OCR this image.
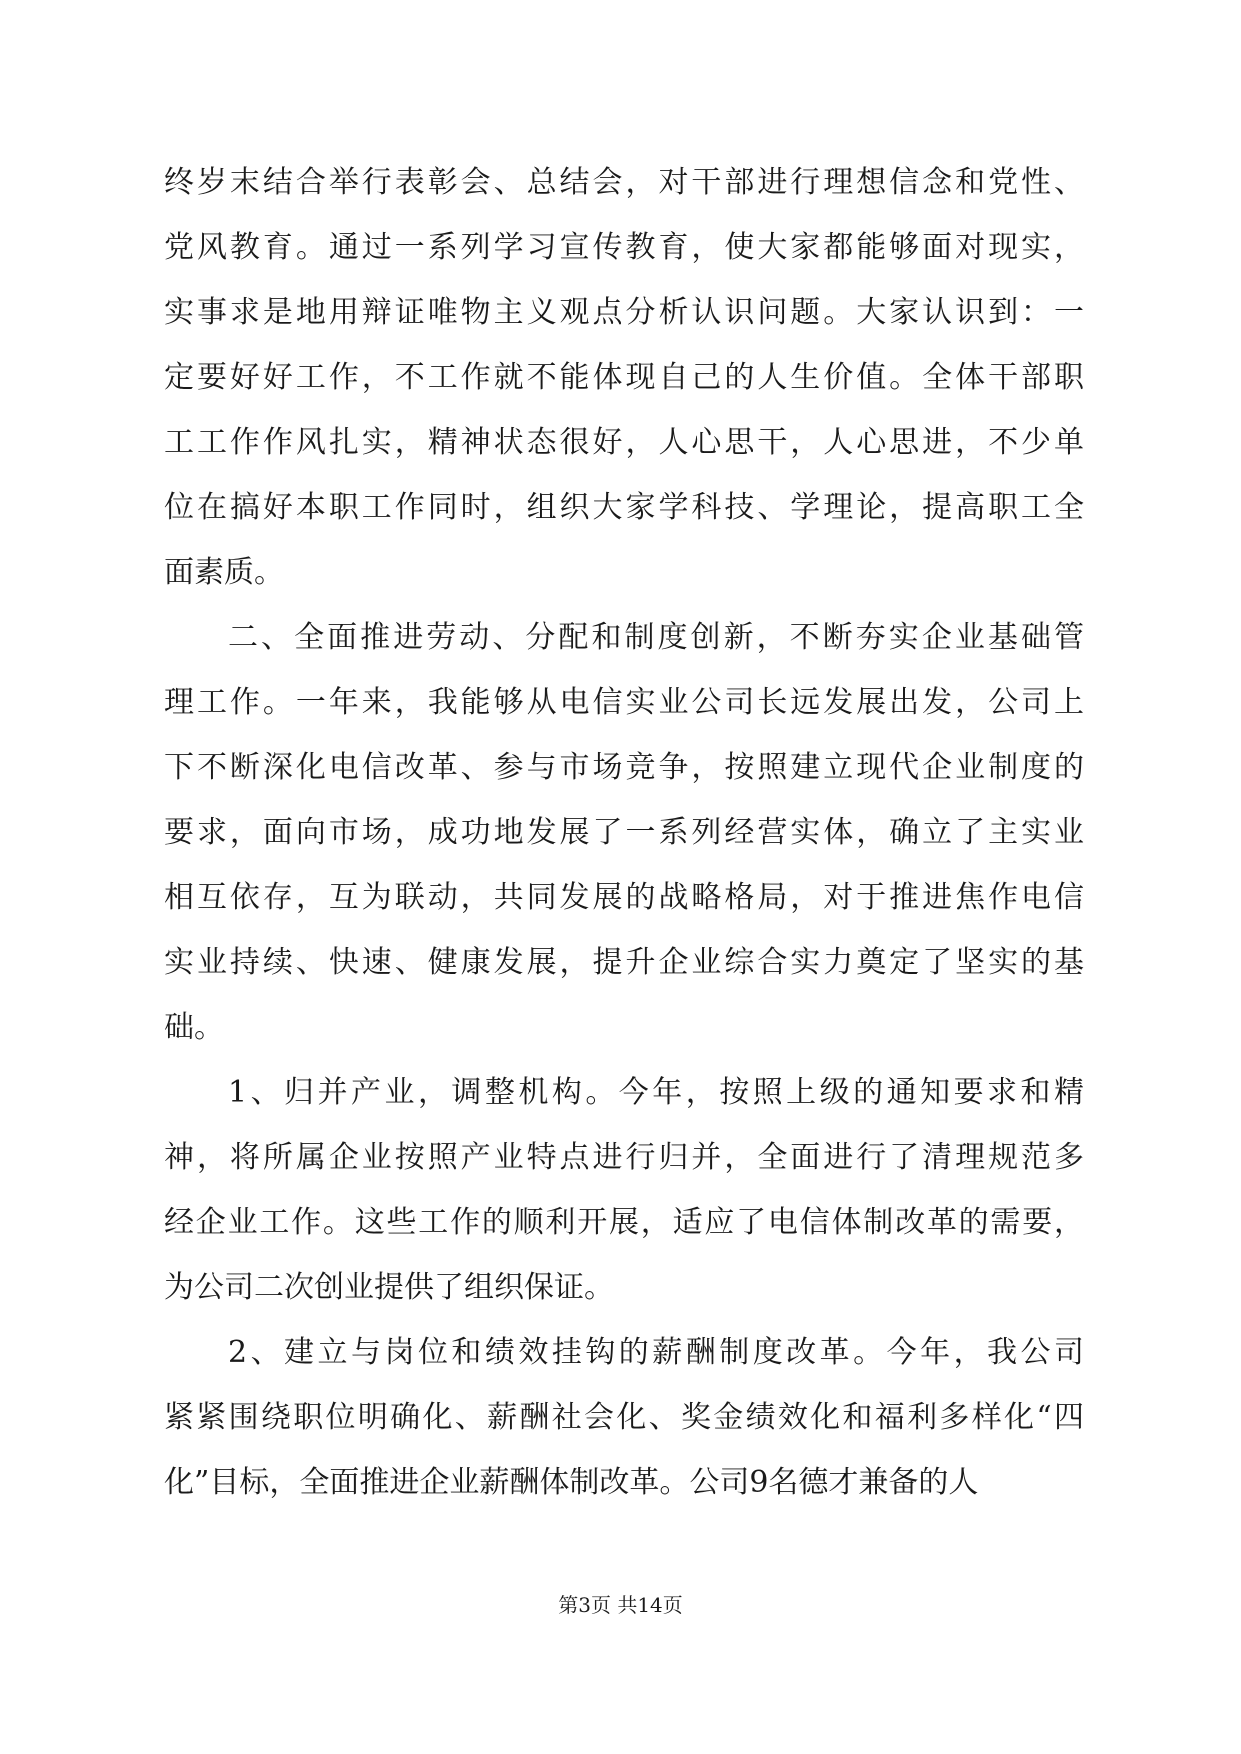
终岁末结合举行表彰会、总结会，对干部进行理想信念和党性、
党风教育。通过一系列学习宣传教育，使大家都能够面对现实，
实事求是地用辩证唯物主义观点分析认识问题。大家认识到：一
定要好好工作，不工作就不能体现自己的人生价值。全体干部职
工工作作风扎实，精神状态很好，人心思干，人心思进，不少单
位在搞好本职工作同时，组织大家学科技、学理论，提高职工全
面素质。
二、全面推进劳动、分配和制度创新，不断夯实企业基础管
理工作。一年来，我能够从电信实业公司长远发展出发，公司上
下不断深化电信改革、参与市场竞争，按照建立现代企业制度的
要求，面向市场，成功地发展了一系列经营实体，确立了主实业
相互依存，互为联动，共同发展的战略格局，对于推进焦作电信
实业持续、快速、健康发展，提升企业综合实力奠定了坚实的基
础。
1、归并产业，调整机构。今年，按照上级的通知要求和精
神，将所属企业按照产业特点进行归并，全面进行了清理规范多
经企业工作。这些工作的顺利开展，适应了电信体制改革的需要，
为公司二次创业提供了组织保证。
2、建立与岗位和绩效挂钩的薪酬制度改革。今年，我公司
紧紧围绕职位明确化、薪酬社会化、奖金绩效化和福利多样化“四
化”目标，全面推进企业薪酬体制改革。公司9名德才兼备的人
第3页 共14页
